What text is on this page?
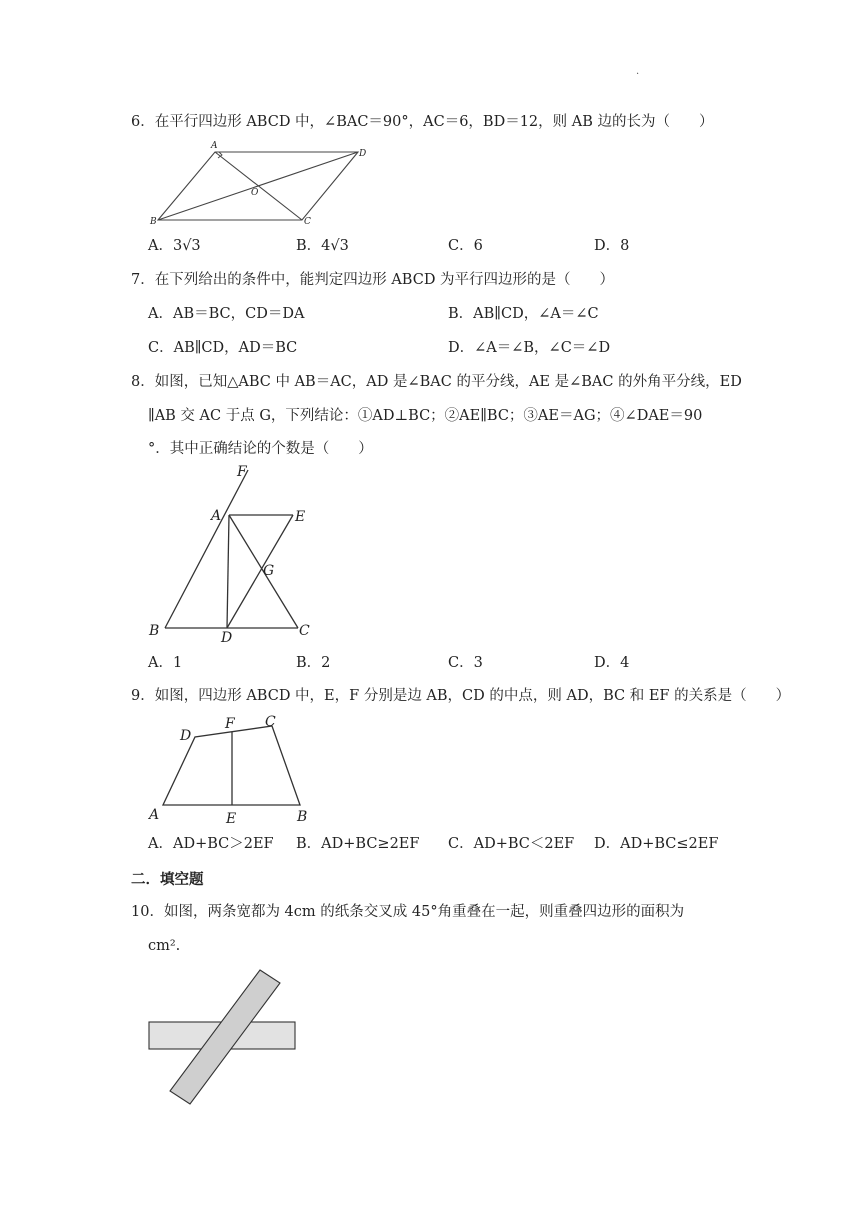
.
6．在平行四边形 ABCD 中，∠BAC＝90°，AC＝6，BD＝12，则 AB 边的长为（　　）
A
D
O
B	C
A．3√3	B．4√3	C．6	D．8
7．在下列给出的条件中，能判定四边形 ABCD 为平行四边形的是（　　）
A．AB＝BC，CD＝DA	B．AB∥CD，∠A＝∠C
C．AB∥CD，AD＝BC	D．∠A＝∠B，∠C＝∠D
8．如图，已知△ABC 中 AB＝AC，AD 是∠BAC 的平分线，AE 是∠BAC 的外角平分线，ED
∥AB 交 AC 于点 G，下列结论：①AD⊥BC；②AE∥BC；③AE＝AG；④∠DAE＝90
°．其中正确结论的个数是（　　）
F
A	E
G
B	D	C
A．1	B．2	C．3	D．4
9．如图，四边形 ABCD 中，E，F 分别是边 AB，CD 的中点，则 AD，BC 和 EF 的关系是（　　）
D
F C
A	E	B
A．AD+BC＞2EF B．AD+BC≥2EF C．AD+BC＜2EF D．AD+BC≤2EF
二．填空题
10．如图，两条宽都为 4cm 的纸条交叉成 45°角重叠在一起，则重叠四边形的面积为
cm².
